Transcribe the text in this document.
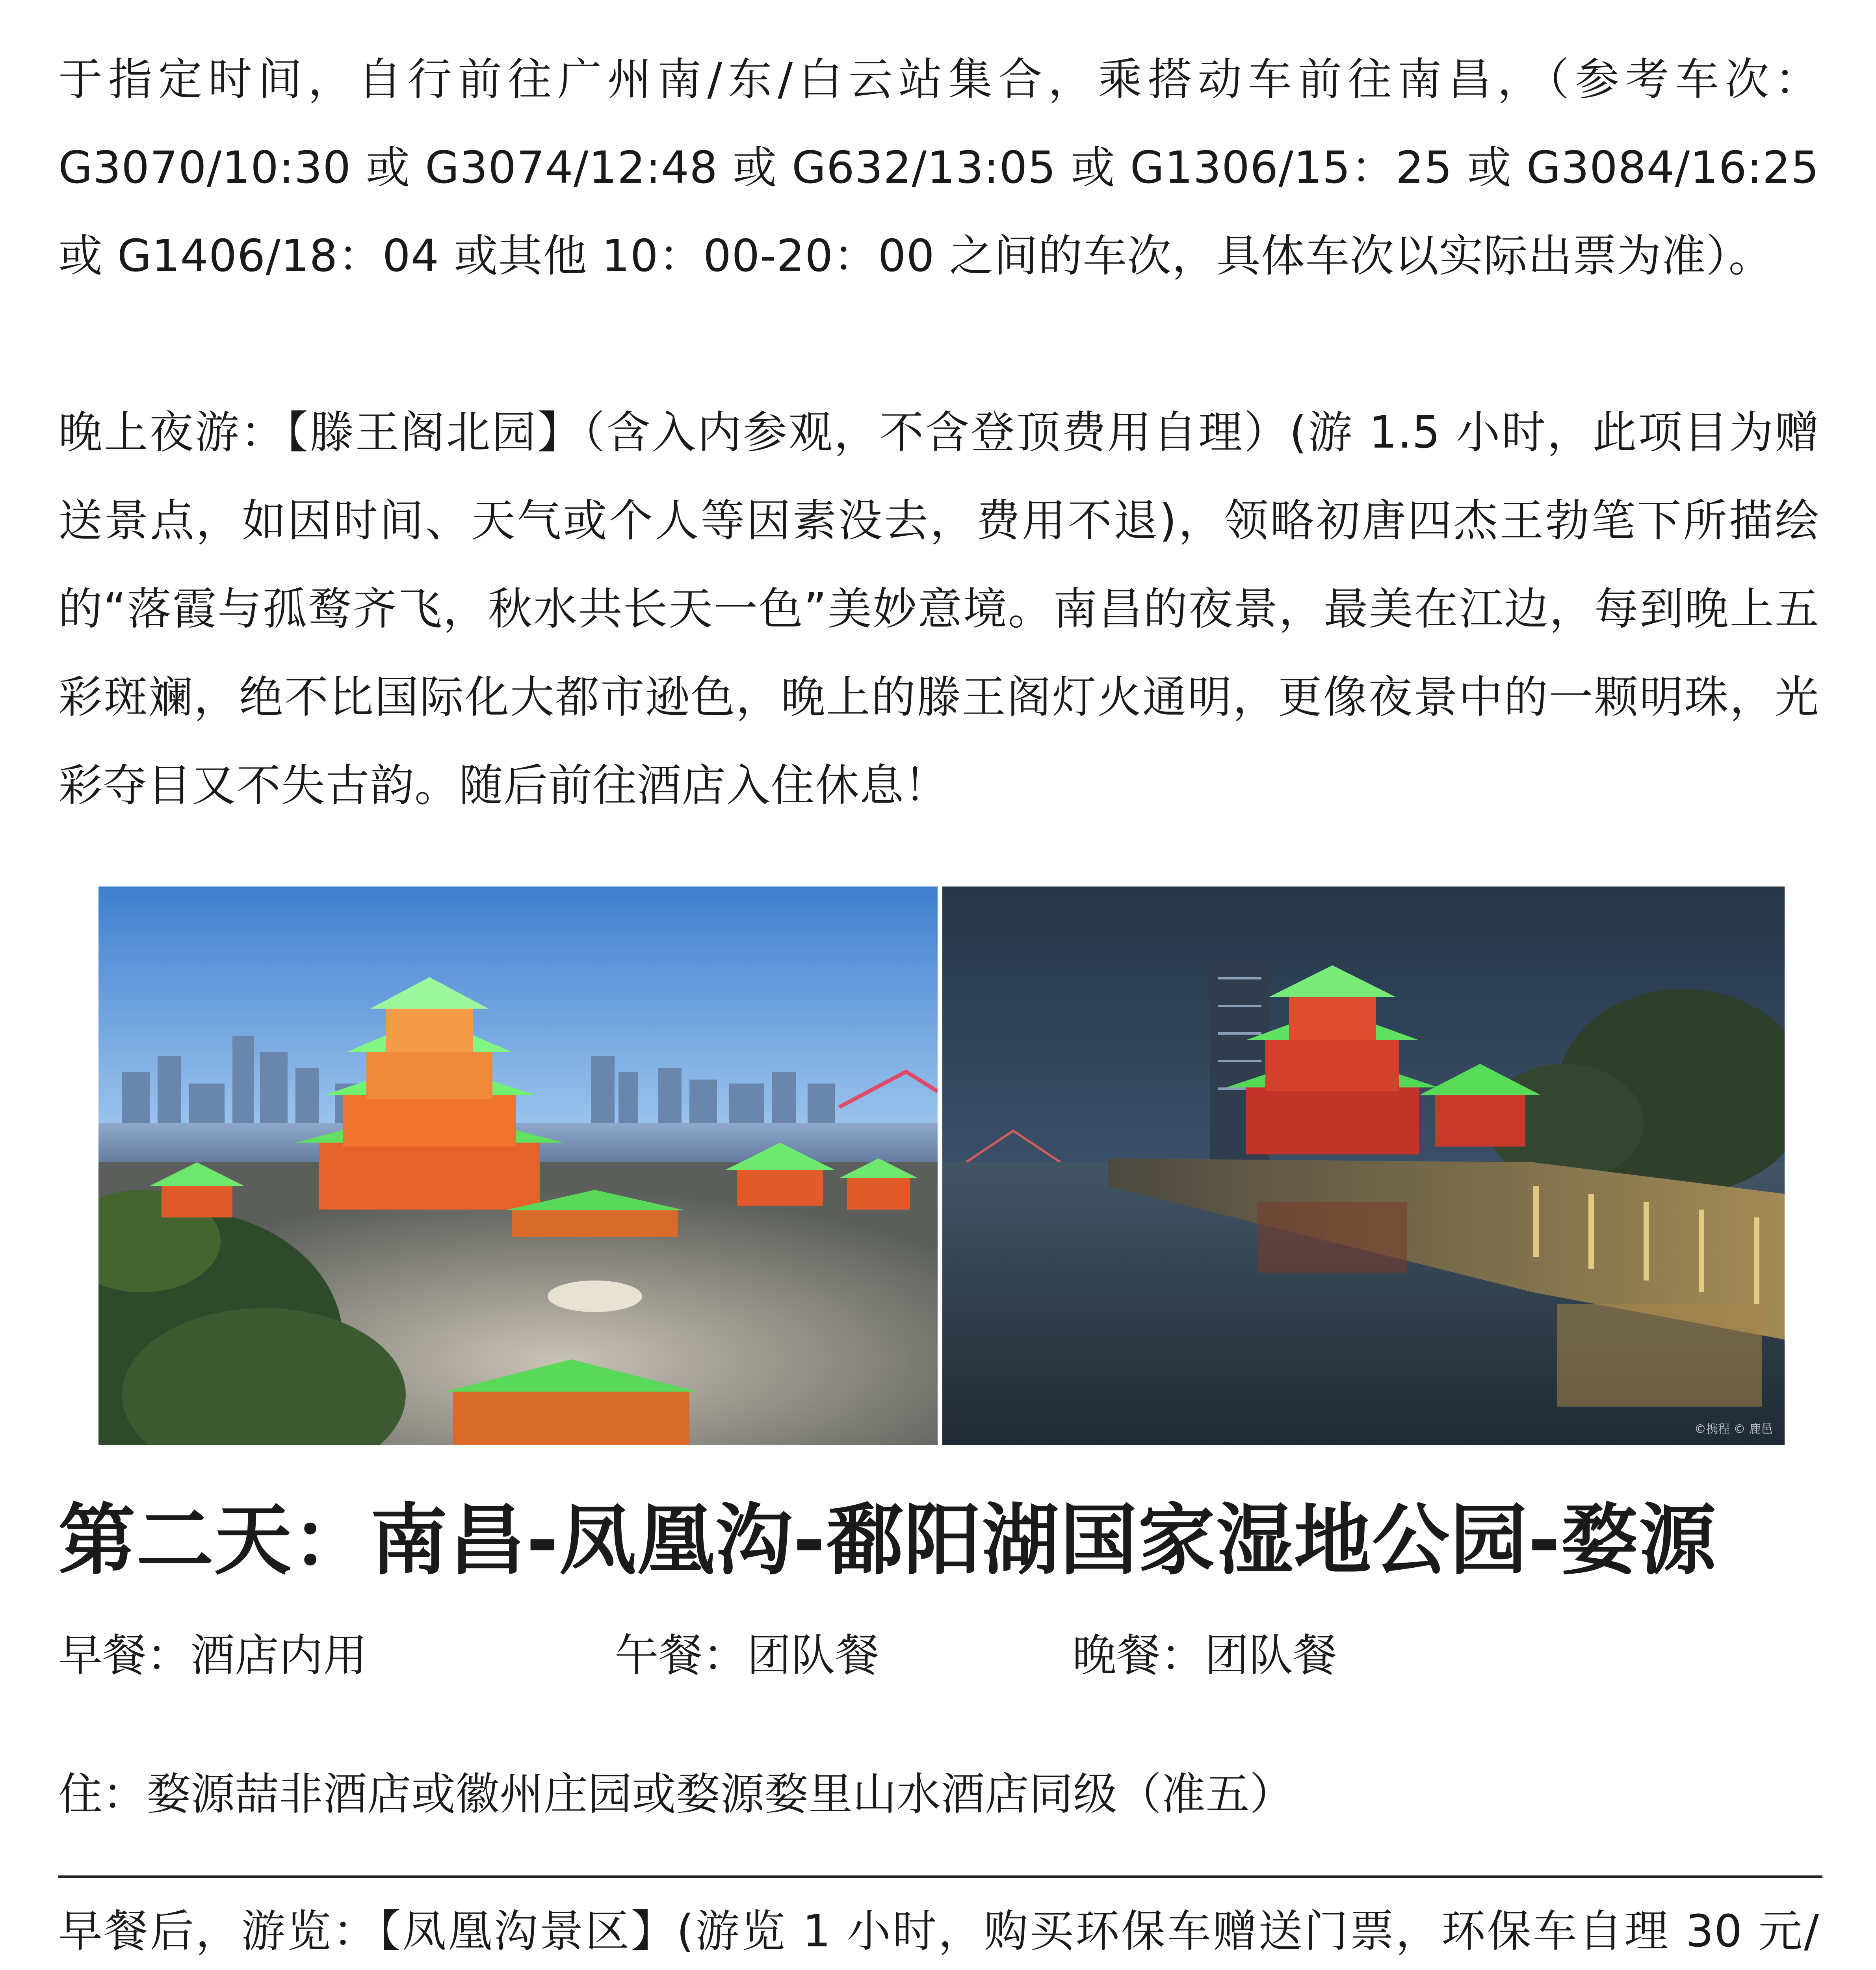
于指定时间，自行前往广州南/东/白云站集合，乘搭动车前往南昌，（参考车次：G3070/10:30 或 G3074/12:48 或 G632/13:05 或 G1306/15：25 或 G3084/16:25 或 G1406/18：04 或其他 10：00-20：00 之间的车次，具体车次以实际出票为准）。

晚上夜游：【滕王阁北园】（含入内参观，不含登顶费用自理）(游 1.5 小时，此项目为赠送景点，如因时间、天气或个人等因素没去，费用不退)，领略初唐四杰王勃笔下所描绘的“落霞与孤鹜齐飞，秋水共长天一色”美妙意境。南昌的夜景，最美在江边，每到晚上五彩斑斓，绝不比国际化大都市逊色，晚上的滕王阁灯火通明，更像夜景中的一颗明珠，光彩夺目又不失古韵。随后前往酒店入住休息！

©携程 © 鹿邑
第二天：南昌-凤凰沟-鄱阳湖国家湿地公园-婺源
早餐：酒店内用	午餐：团队餐	晚餐：团队餐
住：婺源喆非酒店或徽州庄园或婺源婺里山水酒店同级（准五）

早餐后，游览：【凤凰沟景区】(游览 1 小时，购买环保车赠送门票，环保车自理 30 元/
